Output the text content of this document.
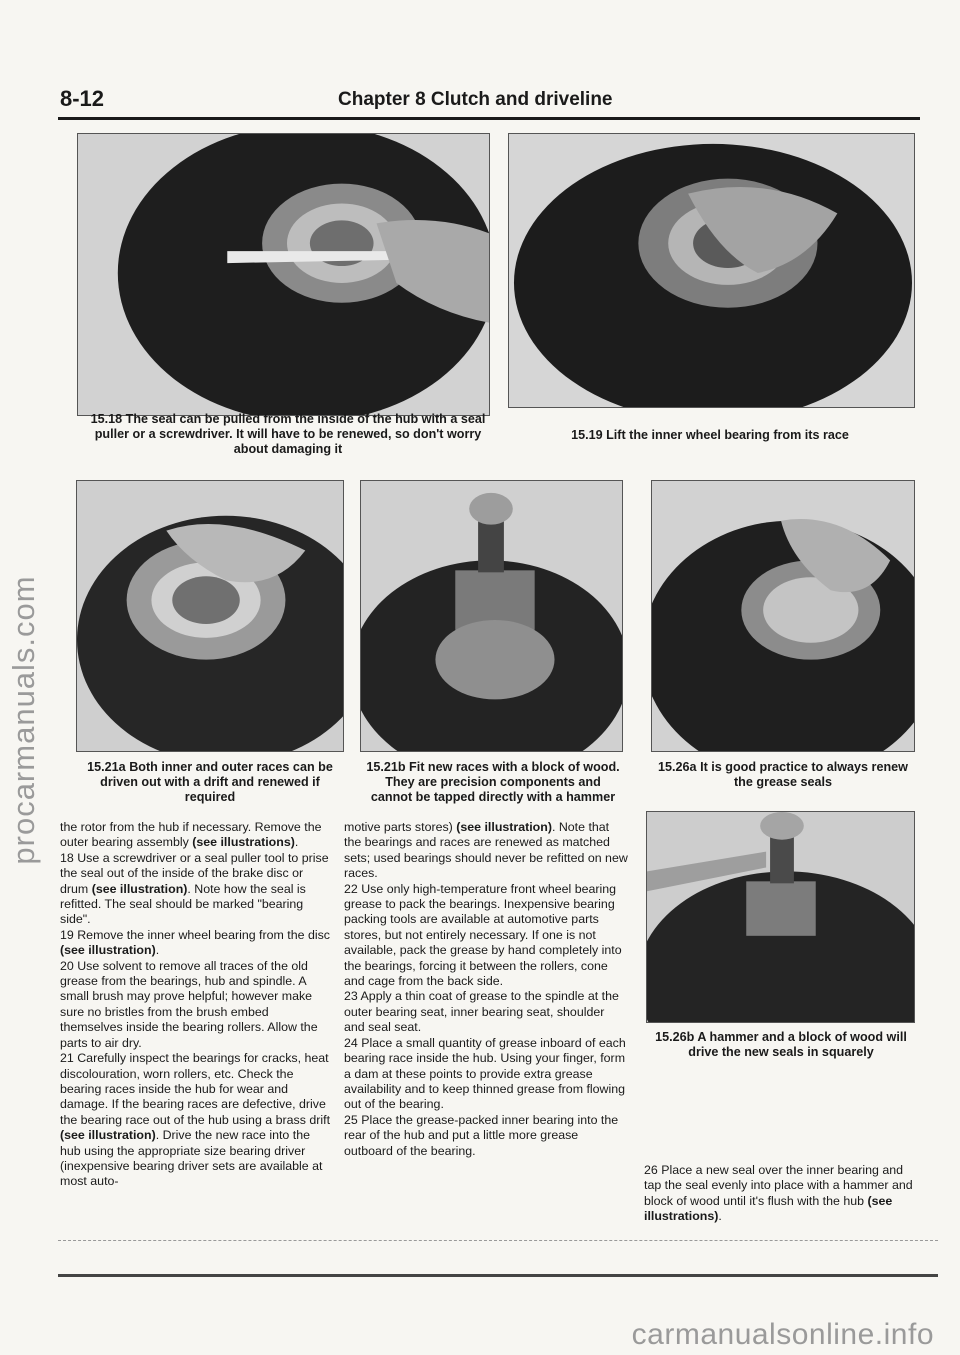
8-12	Chapter 8 Clutch and driveline
procarmanuals.com
15.18 The seal can be pulled from the inside of the hub with a seal puller or a screwdriver. It will have to be renewed, so don't worry about damaging it
15.19 Lift the inner wheel bearing from its race
15.21a Both inner and outer races can be driven out with a drift and renewed if required
15.21b Fit new races with a block of wood. They are precision components and cannot be tapped directly with a hammer
15.26a It is good practice to always renew the grease seals
15.26b A hammer and a block of wood will drive the new seals in squarely

the rotor from the hub if necessary. Remove the outer bearing assembly (see illustrations).

18 Use a screwdriver or a seal puller tool to prise the seal out of the inside of the brake disc or drum (see illustration). Note how the seal is refitted. The seal should be marked "bearing side".

19 Remove the inner wheel bearing from the disc (see illustration).

20 Use solvent to remove all traces of the old grease from the bearings, hub and spindle. A small brush may prove helpful; however make sure no bristles from the brush embed themselves inside the bearing rollers. Allow the parts to air dry.

21 Carefully inspect the bearings for cracks, heat discolouration, worn rollers, etc. Check the bearing races inside the hub for wear and damage. If the bearing races are defective, drive the bearing race out of the hub using a brass drift (see illustration). Drive the new race into the hub using the appropriate size bearing driver (inexpensive bearing driver sets are available at most auto-

motive parts stores) (see illustration). Note that the bearings and races are renewed as matched sets; used bearings should never be refitted on new races.

22 Use only high-temperature front wheel bearing grease to pack the bearings. Inexpensive bearing packing tools are available at automotive parts stores, but not entirely necessary. If one is not available, pack the grease by hand completely into the bearings, forcing it between the rollers, cone and cage from the back side.

23 Apply a thin coat of grease to the spindle at the outer bearing seat, inner bearing seat, shoulder and seal seat.

24 Place a small quantity of grease inboard of each bearing race inside the hub. Using your finger, form a dam at these points to provide extra grease availability and to keep thinned grease from flowing out of the bearing.

25 Place the grease-packed inner bearing into the rear of the hub and put a little more grease outboard of the bearing.

26 Place a new seal over the inner bearing and tap the seal evenly into place with a hammer and block of wood until it's flush with the hub (see illustrations).

carmanualsonline.info
